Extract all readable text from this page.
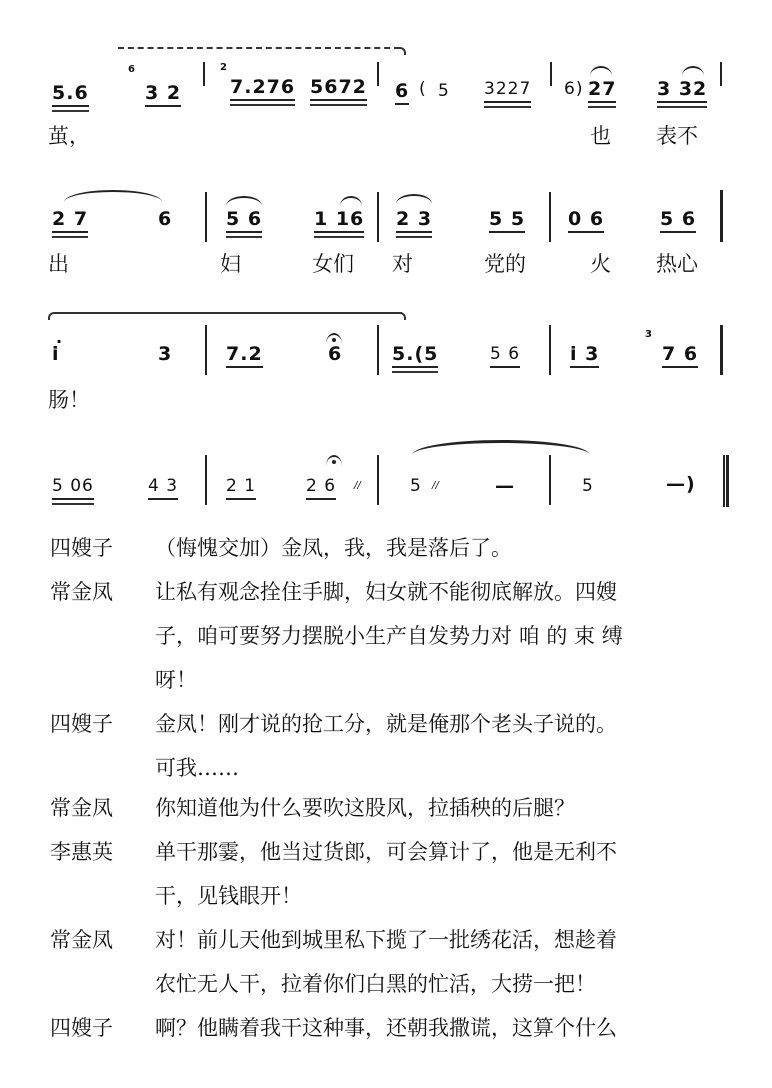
5.6
6
3 2
2
7.276 5672 6 ( 5 3227 6) 27 3 32
茧，	也 表不
2 7	6	5 6	1 16 2 3	5 5 0 6	5 6
出	妇	女们 对	党的	火 热心
· i	3	7.2	6	5.(5	5 6	i 3
3
7 6
肠！
5 06	4 3	2 1	2 6 //	5 //	—	5	—)
四嫂子 （悔愧交加）金凤，我，我是落后了。
常金凤 让私有观念拴住手脚，妇女就不能彻底解放。四嫂
子，咱可要努力摆脱小生产自发势力对 咱 的 束 缚
呀！
四嫂子 金凤！刚才说的抢工分，就是俺那个老头子说的。
可我……
常金凤 你知道他为什么要吹这股风，拉插秧的后腿？
李惠英 单干那霎，他当过货郎，可会算计了，他是无利不
干，见钱眼开！
常金凤 对！前儿天他到城里私下揽了一批绣花活，想趁着
农忙无人干，拉着你们白黑的忙活，大捞一把！
四嫂子 啊？他瞒着我干这种事，还朝我撒谎，这算个什么
